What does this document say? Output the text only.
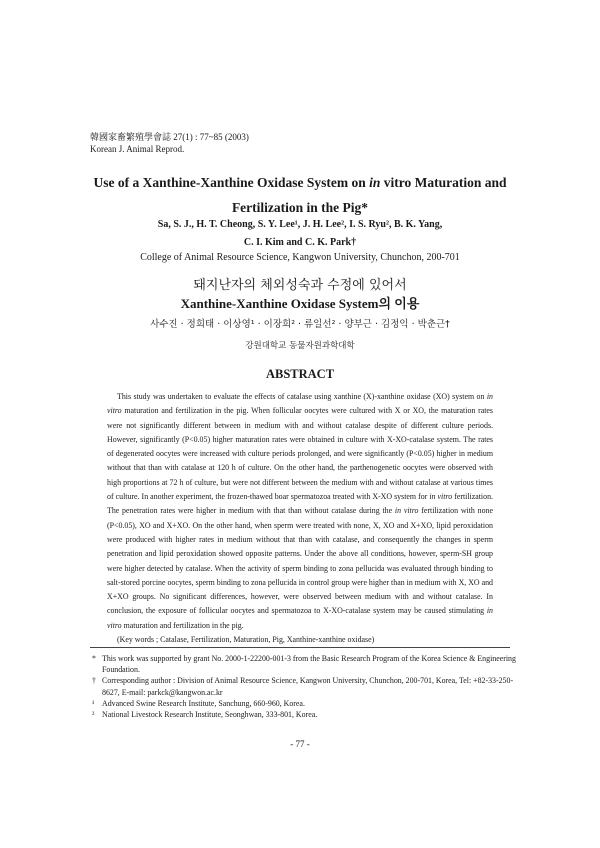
韓國家畜繁殖學會誌 27(1) : 77~85 (2003)
Korean J. Animal Reprod.
Use of a Xanthine-Xanthine Oxidase System on in vitro Maturation and
Fertilization in the Pig*
Sa, S. J., H. T. Cheong, S. Y. Lee¹, J. H. Lee², I. S. Ryu², B. K. Yang,
C. I. Kim and C. K. Park†
College of Animal Resource Science, Kangwon University, Chunchon, 200-701
돼지난자의 체외성숙과 수정에 있어서
Xanthine-Xanthine Oxidase System의 이용
사수진 · 정희태 · 이상영¹ · 이장희² · 류일선² · 양부근 · 김정익 · 박춘근†
강원대학교 동물자원과학대학
ABSTRACT

This study was undertaken to evaluate the effects of catalase using xanthine (X)-xanthine oxidase (XO) system on in vitro maturation and fertilization in the pig. When follicular oocytes were cultured with X or XO, the maturation rates were not significantly different between in medium with and without catalase despite of different culture periods. However, significantly (P<0.05) higher maturation rates were obtained in culture with X-XO-catalase system. The rates of degenerated oocytes were increased with culture periods prolonged, and were significantly (P<0.05) higher in medium without that than with catalase at 120 h of culture. On the other hand, the parthenogenetic oocytes were observed with high proportions at 72 h of culture, but were not different between the medium with and without catalase at various times of culture. In another experiment, the frozen-thawed boar spermatozoa treated with X-XO system for in vitro fertilization. The penetration rates were higher in medium with that than without catalase during the in vitro fertilization with none (P<0.05), XO and X+XO. On the other hand, when sperm were treated with none, X, XO and X+XO, lipid peroxidation were produced with higher rates in medium without that than with catalase, and consequently the changes in sperm penetration and lipid peroxidation showed opposite patterns. Under the above all conditions, however, sperm-SH group were higher detected by catalase. When the activity of sperm binding to zona pellucida was evaluated through binding to salt-stored porcine oocytes, sperm binding to zona pellucida in control group were higher than in medium with X, XO and X+XO groups. No significant differences, however, were observed between medium with and without catalase. In conclusion, the exposure of follicular oocytes and spermatozoa to X-XO-catalase system may be caused stimulating in vitro maturation and fertilization in the pig.

(Key words ; Catalase, Fertilization, Maturation, Pig, Xanthine-xanthine oxidase)

* This work was supported by grant No. 2000-1-22200-001-3 from the Basic Research Program of the Korea Science & Engineering Foundation.
† Corresponding author : Division of Animal Resource Science, Kangwon University, Chunchon, 200-701, Korea, Tel: +82-33-250-8627, E-mail: parkck@kangwon.ac.kr
¹ Advanced Swine Research Institute, Sanchung, 660-960, Korea.
² National Livestock Research Institute, Seonghwan, 333-801, Korea.
- 77 -
